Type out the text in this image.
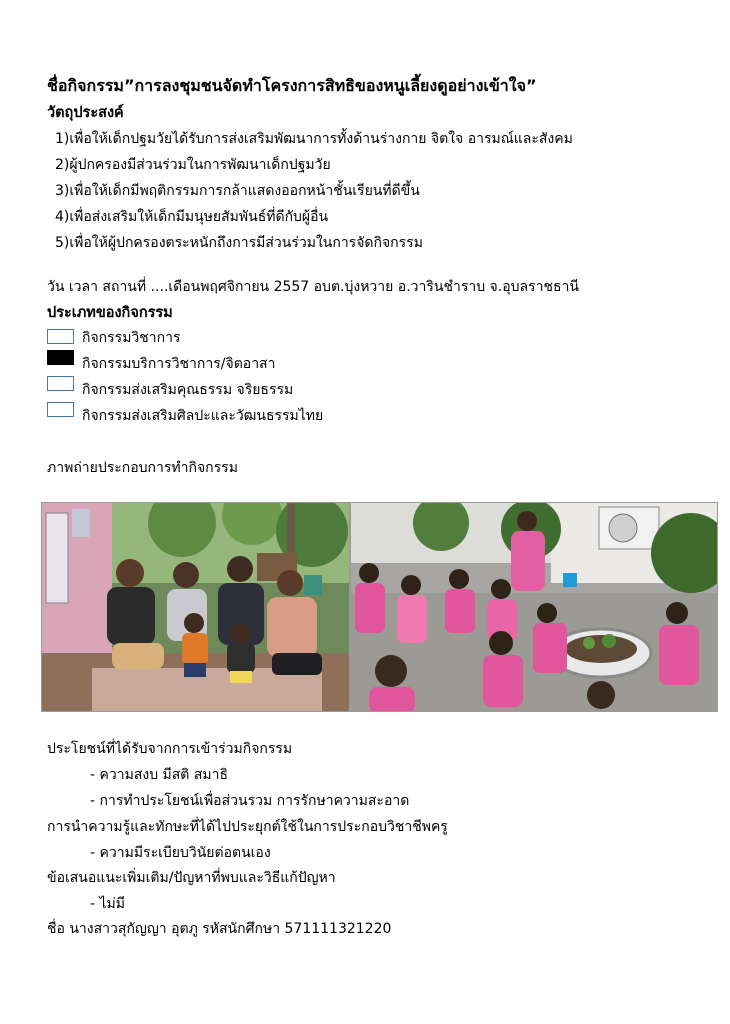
ชื่อกิจกรรม”การลงชุมชนจัดทำโครงการสิทธิของหนูเลี้ยงดูอย่างเข้าใจ”
วัตถุประสงค์
1)เพื่อให้เด็กปฐมวัยได้รับการส่งเสริมพัฒนาการทั้งด้านร่างกาย จิตใจ อารมณ์และสังคม
2)ผู้ปกครองมีส่วนร่วมในการพัฒนาเด็กปฐมวัย
3)เพื่อให้เด็กมีพฤติกรรมการกล้าแสดงออกหน้าชั้นเรียนที่ดีขึ้น
4)เพื่อส่งเสริมให้เด็กมีมนุษยสัมพันธ์ที่ดีกับผู้อื่น
5)เพื่อให้ผู้ปกครองตระหนักถึงการมีส่วนร่วมในการจัดกิจกรรม
วัน เวลา สถานที่ ....เดือนพฤศจิกายน 2557 อบต.บุ่งหวาย อ.วารินชำราบ จ.อุบลราชธานี
ประเภทของกิจกรรม
กิจกรรมวิชาการ
กิจกรรมบริการวิชาการ/จิตอาสา
กิจกรรมส่งเสริมคุณธรรม จริยธรรม
กิจกรรมส่งเสริมศิลปะและวัฒนธรรมไทย
ภาพถ่ายประกอบการทำกิจกรรม
ประโยชน์ที่ได้รับจากการเข้าร่วมกิจกรรม
- ความสงบ มีสติ สมาธิ
- การทำประโยชน์เพื่อส่วนรวม การรักษาความสะอาด
การนำความรู้และทักษะที่ได้ไปประยุกต์ใช้ในการประกอบวิชาชีพครู
- ความมีระเบียบวินัยต่อตนเอง
ข้อเสนอแนะเพิ่มเติม/ปัญหาที่พบและวิธีแก้ปัญหา
- ไม่มี
ชื่อ นางสาวสุกัญญา อุตภู รหัสนักศึกษา 571111321220
